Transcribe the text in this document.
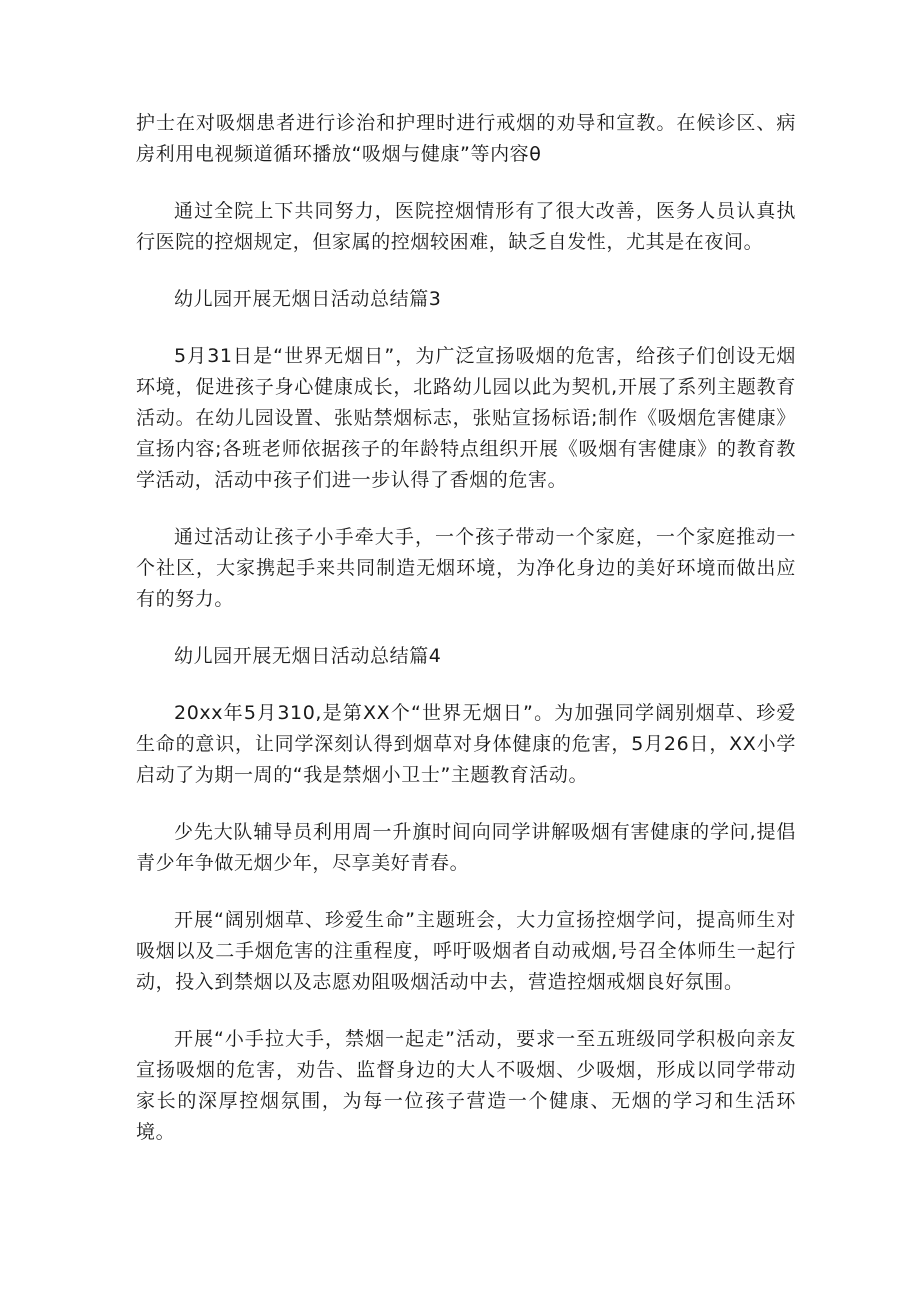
护士在对吸烟患者进行诊治和护理时进行戒烟的劝导和宣教。在候诊区、病房利用电视频道循环播放“吸烟与健康”等内容θ

通过全院上下共同努力，医院控烟情形有了很大改善，医务人员认真执行医院的控烟规定，但家属的控烟较困难，缺乏自发性，尤其是在夜间。

幼儿园开展无烟日活动总结篇3

5月31日是“世界无烟日”，为广泛宣扬吸烟的危害，给孩子们创设无烟环境，促进孩子身心健康成长，北路幼儿园以此为契机,开展了系列主题教育活动。在幼儿园设置、张贴禁烟标志，张贴宣扬标语;制作《吸烟危害健康》宣扬内容;各班老师依据孩子的年龄特点组织开展《吸烟有害健康》的教育教学活动，活动中孩子们进一步认得了香烟的危害。

通过活动让孩子小手牵大手，一个孩子带动一个家庭，一个家庭推动一个社区，大家携起手来共同制造无烟环境，为净化身边的美好环境而做出应有的努力。

幼儿园开展无烟日活动总结篇4

20xx年5月310,是第XX个“世界无烟日”。为加强同学阔别烟草、珍爱生命的意识，让同学深刻认得到烟草对身体健康的危害，5月26日，XX小学启动了为期一周的“我是禁烟小卫士”主题教育活动。

少先大队辅导员利用周一升旗时间向同学讲解吸烟有害健康的学问,提倡青少年争做无烟少年，尽享美好青春。

开展“阔别烟草、珍爱生命”主题班会，大力宣扬控烟学问，提高师生对吸烟以及二手烟危害的注重程度，呼吁吸烟者自动戒烟,号召全体师生一起行动，投入到禁烟以及志愿劝阻吸烟活动中去，营造控烟戒烟良好氛围。

开展“小手拉大手，禁烟一起走”活动，要求一至五班级同学积极向亲友宣扬吸烟的危害，劝告、监督身边的大人不吸烟、少吸烟，形成以同学带动家长的深厚控烟氛围，为每一位孩子营造一个健康、无烟的学习和生活环境。
